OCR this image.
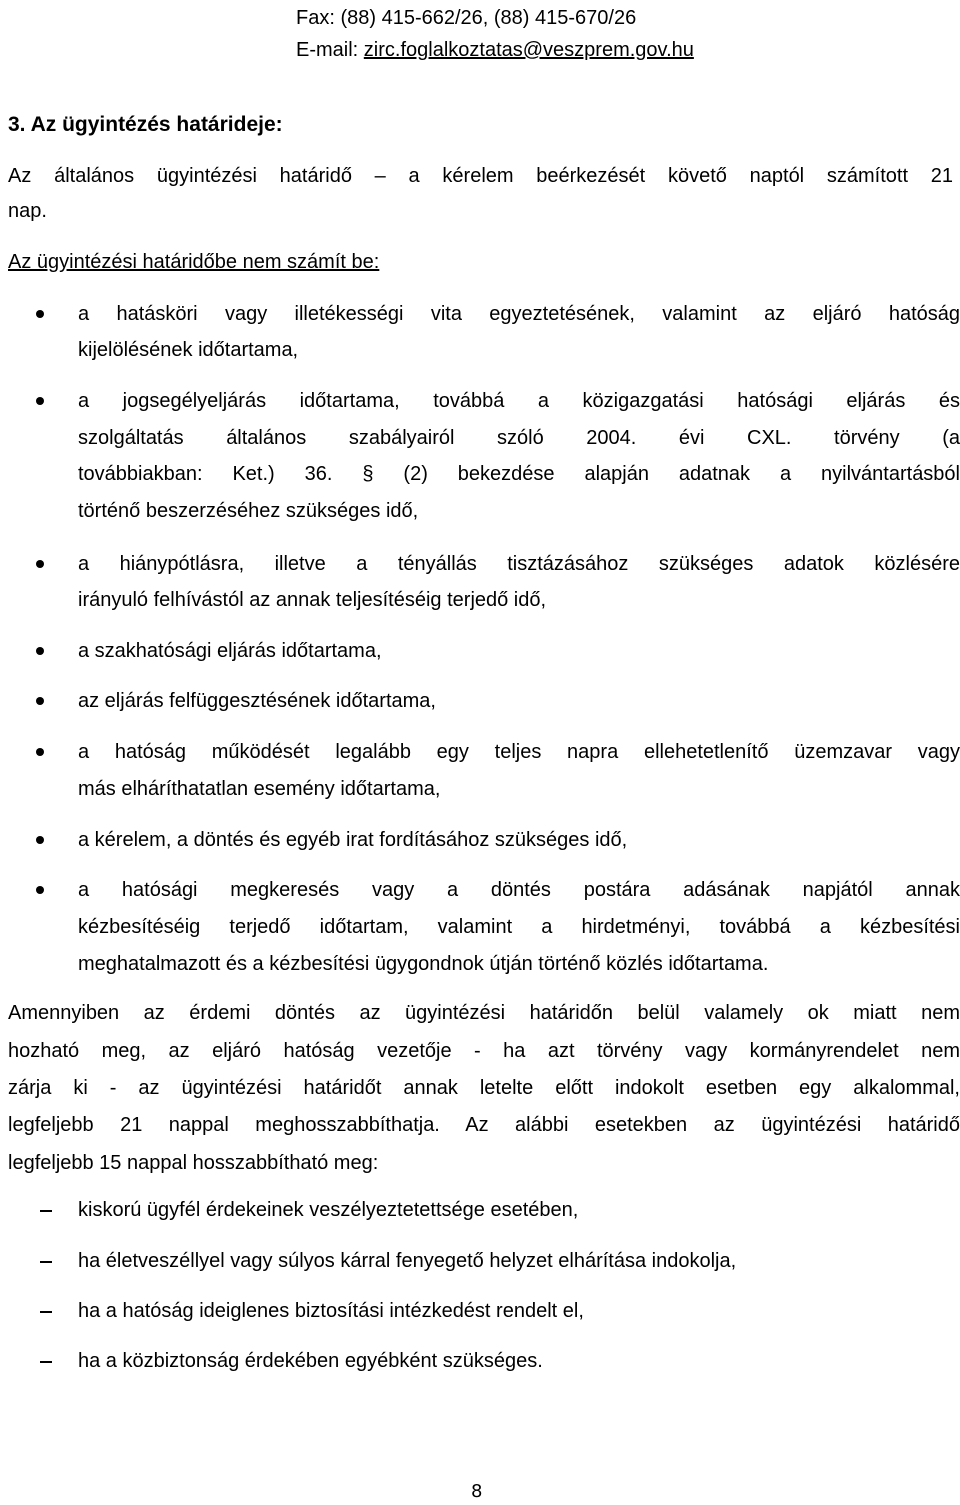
Fax: (88) 415-662/26, (88) 415-670/26
E-mail: zirc.foglalkoztatas@veszprem.gov.hu
3. Az ügyintézés határideje:
Az általános ügyintézési határidő – a kérelem beérkezését követő naptól számított 21
nap.
Az ügyintézési határidőbe nem számít be:
a hatásköri vagy illetékességi vita egyeztetésének, valamint az eljáró hatóság
kijelölésének időtartama,
a jogsegélyeljárás időtartama, továbbá a közigazgatási hatósági eljárás és
szolgáltatás általános szabályairól szóló 2004. évi CXL. törvény (a
továbbiakban: Ket.) 36. § (2) bekezdése alapján adatnak a nyilvántartásból
történő beszerzéséhez szükséges idő,
a hiánypótlásra, illetve a tényállás tisztázásához szükséges adatok közlésére
irányuló felhívástól az annak teljesítéséig terjedő idő,
a szakhatósági eljárás időtartama,
az eljárás felfüggesztésének időtartama,
a hatóság működését legalább egy teljes napra ellehetetlenítő üzemzavar vagy
más elháríthatatlan esemény időtartama,
a kérelem, a döntés és egyéb irat fordításához szükséges idő,
a hatósági megkeresés vagy a döntés postára adásának napjától annak
kézbesítéséig terjedő időtartam, valamint a hirdetményi, továbbá a kézbesítési
meghatalmazott és a kézbesítési ügygondnok útján történő közlés időtartama.
Amennyiben az érdemi döntés az ügyintézési határidőn belül valamely ok miatt nem
hozható meg, az eljáró hatóság vezetője - ha azt törvény vagy kormányrendelet nem
zárja ki - az ügyintézési határidőt annak letelte előtt indokolt esetben egy alkalommal,
legfeljebb 21 nappal meghosszabbíthatja. Az alábbi esetekben az ügyintézési határidő
legfeljebb 15 nappal hosszabbítható meg:
kiskorú ügyfél érdekeinek veszélyeztetettsége esetében,
ha életveszéllyel vagy súlyos kárral fenyegető helyzet elhárítása indokolja,
ha a hatóság ideiglenes biztosítási intézkedést rendelt el,
ha a közbiztonság érdekében egyébként szükséges.
8
